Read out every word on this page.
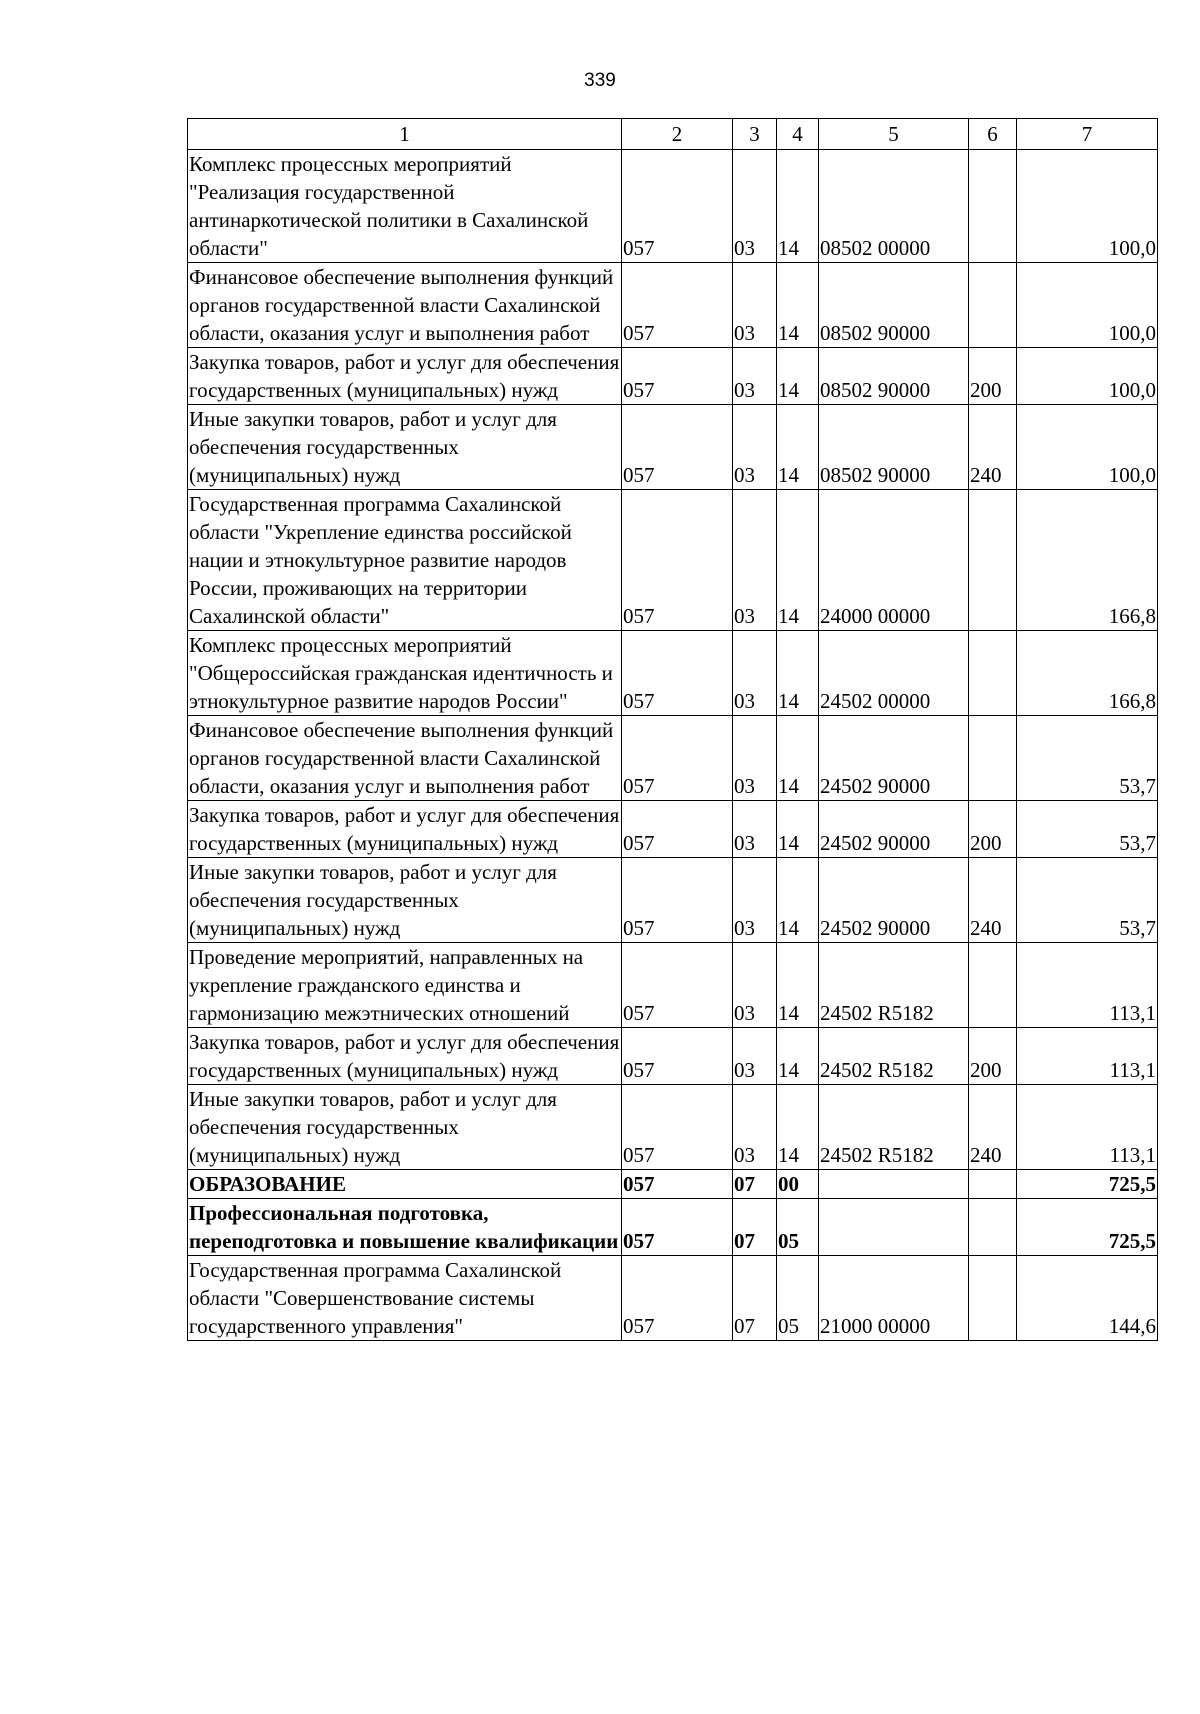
339
1	2	3	4	5	6	7
Комплекс процессных мероприятий "Реализация государственной антинаркотической политики в Сахалинской области"	057	03	14	08502 00000		100,0
Финансовое обеспечение выполнения функций органов государственной власти Сахалинской области, оказания услуг и выполнения работ	057	03	14	08502 90000		100,0
Закупка товаров, работ и услуг для обеспечения государственных (муниципальных) нужд	057	03	14	08502 90000	200	100,0
Иные закупки товаров, работ и услуг для обеспечения государственных (муниципальных) нужд	057	03	14	08502 90000	240	100,0
Государственная программа Сахалинской области "Укрепление единства российской нации и этнокультурное развитие народов России, проживающих на территории Сахалинской области"	057	03	14	24000 00000		166,8
Комплекс процессных мероприятий "Общероссийская гражданская идентичность и этнокультурное развитие народов России"	057	03	14	24502 00000		166,8
Финансовое обеспечение выполнения функций органов государственной власти Сахалинской области, оказания услуг и выполнения работ	057	03	14	24502 90000		53,7
Закупка товаров, работ и услуг для обеспечения государственных (муниципальных) нужд	057	03	14	24502 90000	200	53,7
Иные закупки товаров, работ и услуг для обеспечения государственных (муниципальных) нужд	057	03	14	24502 90000	240	53,7
Проведение мероприятий, направленных на укрепление гражданского единства и гармонизацию межэтнических отношений	057	03	14	24502 R5182		113,1
Закупка товаров, работ и услуг для обеспечения государственных (муниципальных) нужд	057	03	14	24502 R5182	200	113,1
Иные закупки товаров, работ и услуг для обеспечения государственных (муниципальных) нужд	057	03	14	24502 R5182	240	113,1
ОБРАЗОВАНИЕ	057	07	00			725,5
Профессиональная подготовка, переподготовка и повышение квалификации	057	07	05			725,5
Государственная программа Сахалинской области "Совершенствование системы государственного управления"	057	07	05	21000 00000		144,6
